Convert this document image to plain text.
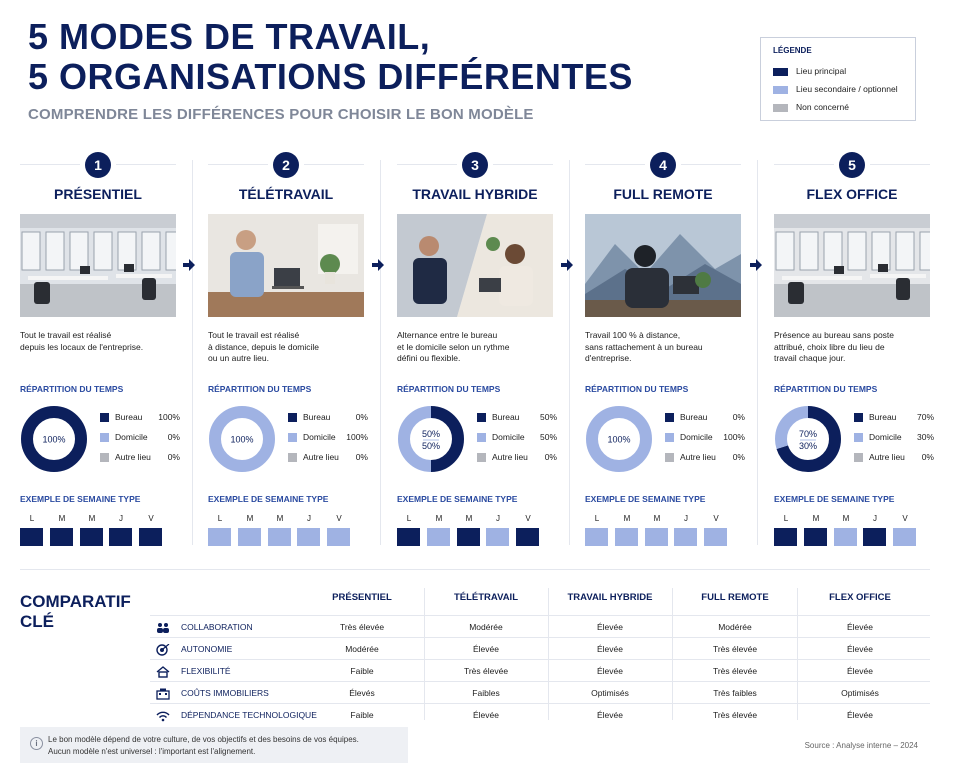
5 MODES DE TRAVAIL,
5 ORGANISATIONS DIFFÉRENTES
COMPRENDRE LES DIFFÉRENCES POUR CHOISIR LE BON MODÈLE
LÉGENDE
Lieu principal
Lieu secondaire / optionnel
Non concerné
1
PRÉSENTIEL
Tout le travail est réalisé
depuis les locaux de l'entreprise.
RÉPARTITION DU TEMPS
100%
Bureau 100%
Domicile 0%
Autre lieu 0%
EXEMPLE DE SEMAINE TYPE
L	M	M	J	V
2
TÉLÉTRAVAIL
Tout le travail est réalisé
à distance, depuis le domicile
ou un autre lieu.
RÉPARTITION DU TEMPS
100%
Bureau	0%
Domicile 100%
Autre lieu 0%
EXEMPLE DE SEMAINE TYPE
L	M	M	J	V
3
TRAVAIL HYBRIDE
Alternance entre le bureau
et le domicile selon un rythme
défini ou flexible.
RÉPARTITION DU TEMPS
50%
50%
Bureau 50%
Domicile 50%
Autre lieu 0%
EXEMPLE DE SEMAINE TYPE
L	M	M	J	V
4
FULL REMOTE
Travail 100 % à distance,
sans rattachement à un bureau
d'entreprise.
RÉPARTITION DU TEMPS
100%
Bureau	0%
Domicile 100%
Autre lieu 0%
EXEMPLE DE SEMAINE TYPE
L	M	M	J	V
5
FLEX OFFICE
Présence au bureau sans poste
attribué, choix libre du lieu de
travail chaque jour.
RÉPARTITION DU TEMPS
70%
30%
Bureau 70%
Domicile 30%
Autre lieu 0%
EXEMPLE DE SEMAINE TYPE
L	M	M	J	V
COMPARATIF CLÉ
PRÉSENTIEL	TÉLÉTRAVAIL	TRAVAIL HYBRIDE	FULL REMOTE	FLEX OFFICE
COLLABORATION	Très élevée	Modérée	Élevée	Modérée	Élevée
AUTONOMIE	Modérée	Élevée	Élevée	Très élevée	Élevée
FLEXIBILITÉ	Faible	Très élevée	Élevée	Très élevée	Élevée
COÛTS IMMOBILIERS	Élevés	Faibles	Optimisés	Très faibles	Optimisés
DÉPENDANCE TECHNOLOGIQUE	Faible	Élevée	Élevée	Très élevée	Élevée
i	Le bon modèle dépend de votre culture, de vos objectifs et des besoins de vos équipes.
Aucun modèle n'est universel : l'important est l'alignement.
Source : Analyse interne – 2024
